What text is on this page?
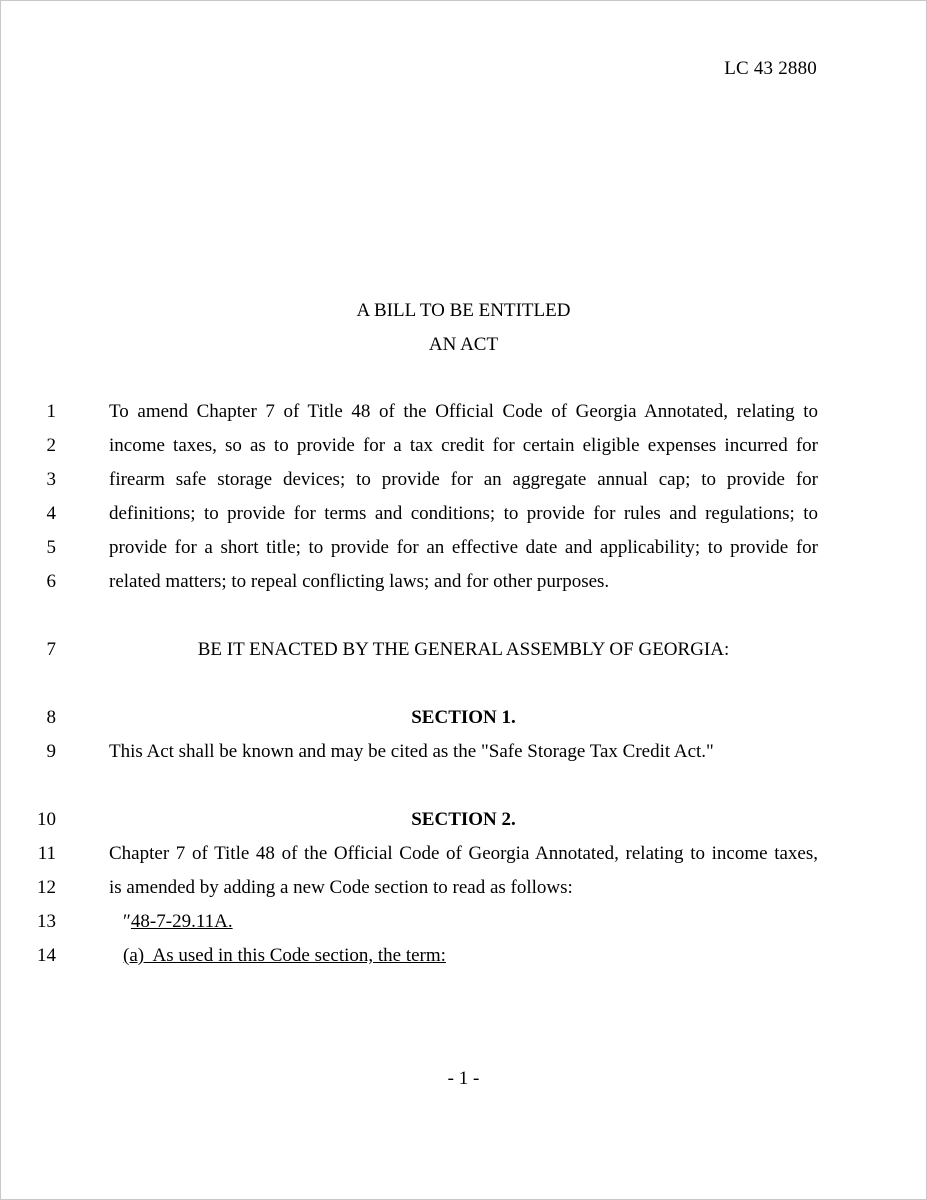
LC 43 2880
A BILL TO BE ENTITLED
AN ACT
1	To amend Chapter 7 of Title 48 of the Official Code of Georgia Annotated, relating to
2	income taxes, so as to provide for a tax credit for certain eligible expenses incurred for
3	firearm safe storage devices; to provide for an aggregate annual cap; to provide for
4	definitions; to provide for terms and conditions; to provide for rules and regulations; to
5	provide for a short title; to provide for an effective date and applicability; to provide for
6	related matters; to repeal conflicting laws; and for other purposes.
7	BE IT ENACTED BY THE GENERAL ASSEMBLY OF GEORGIA:
8	SECTION 1.
9	This Act shall be known and may be cited as the "Safe Storage Tax Credit Act."
10	SECTION 2.
11	Chapter 7 of Title 48 of the Official Code of Georgia Annotated, relating to income taxes,
12	is amended by adding a new Code section to read as follows:
13	″48-7-29.11A.
14	(a)  As used in this Code section, the term:
- 1 -
